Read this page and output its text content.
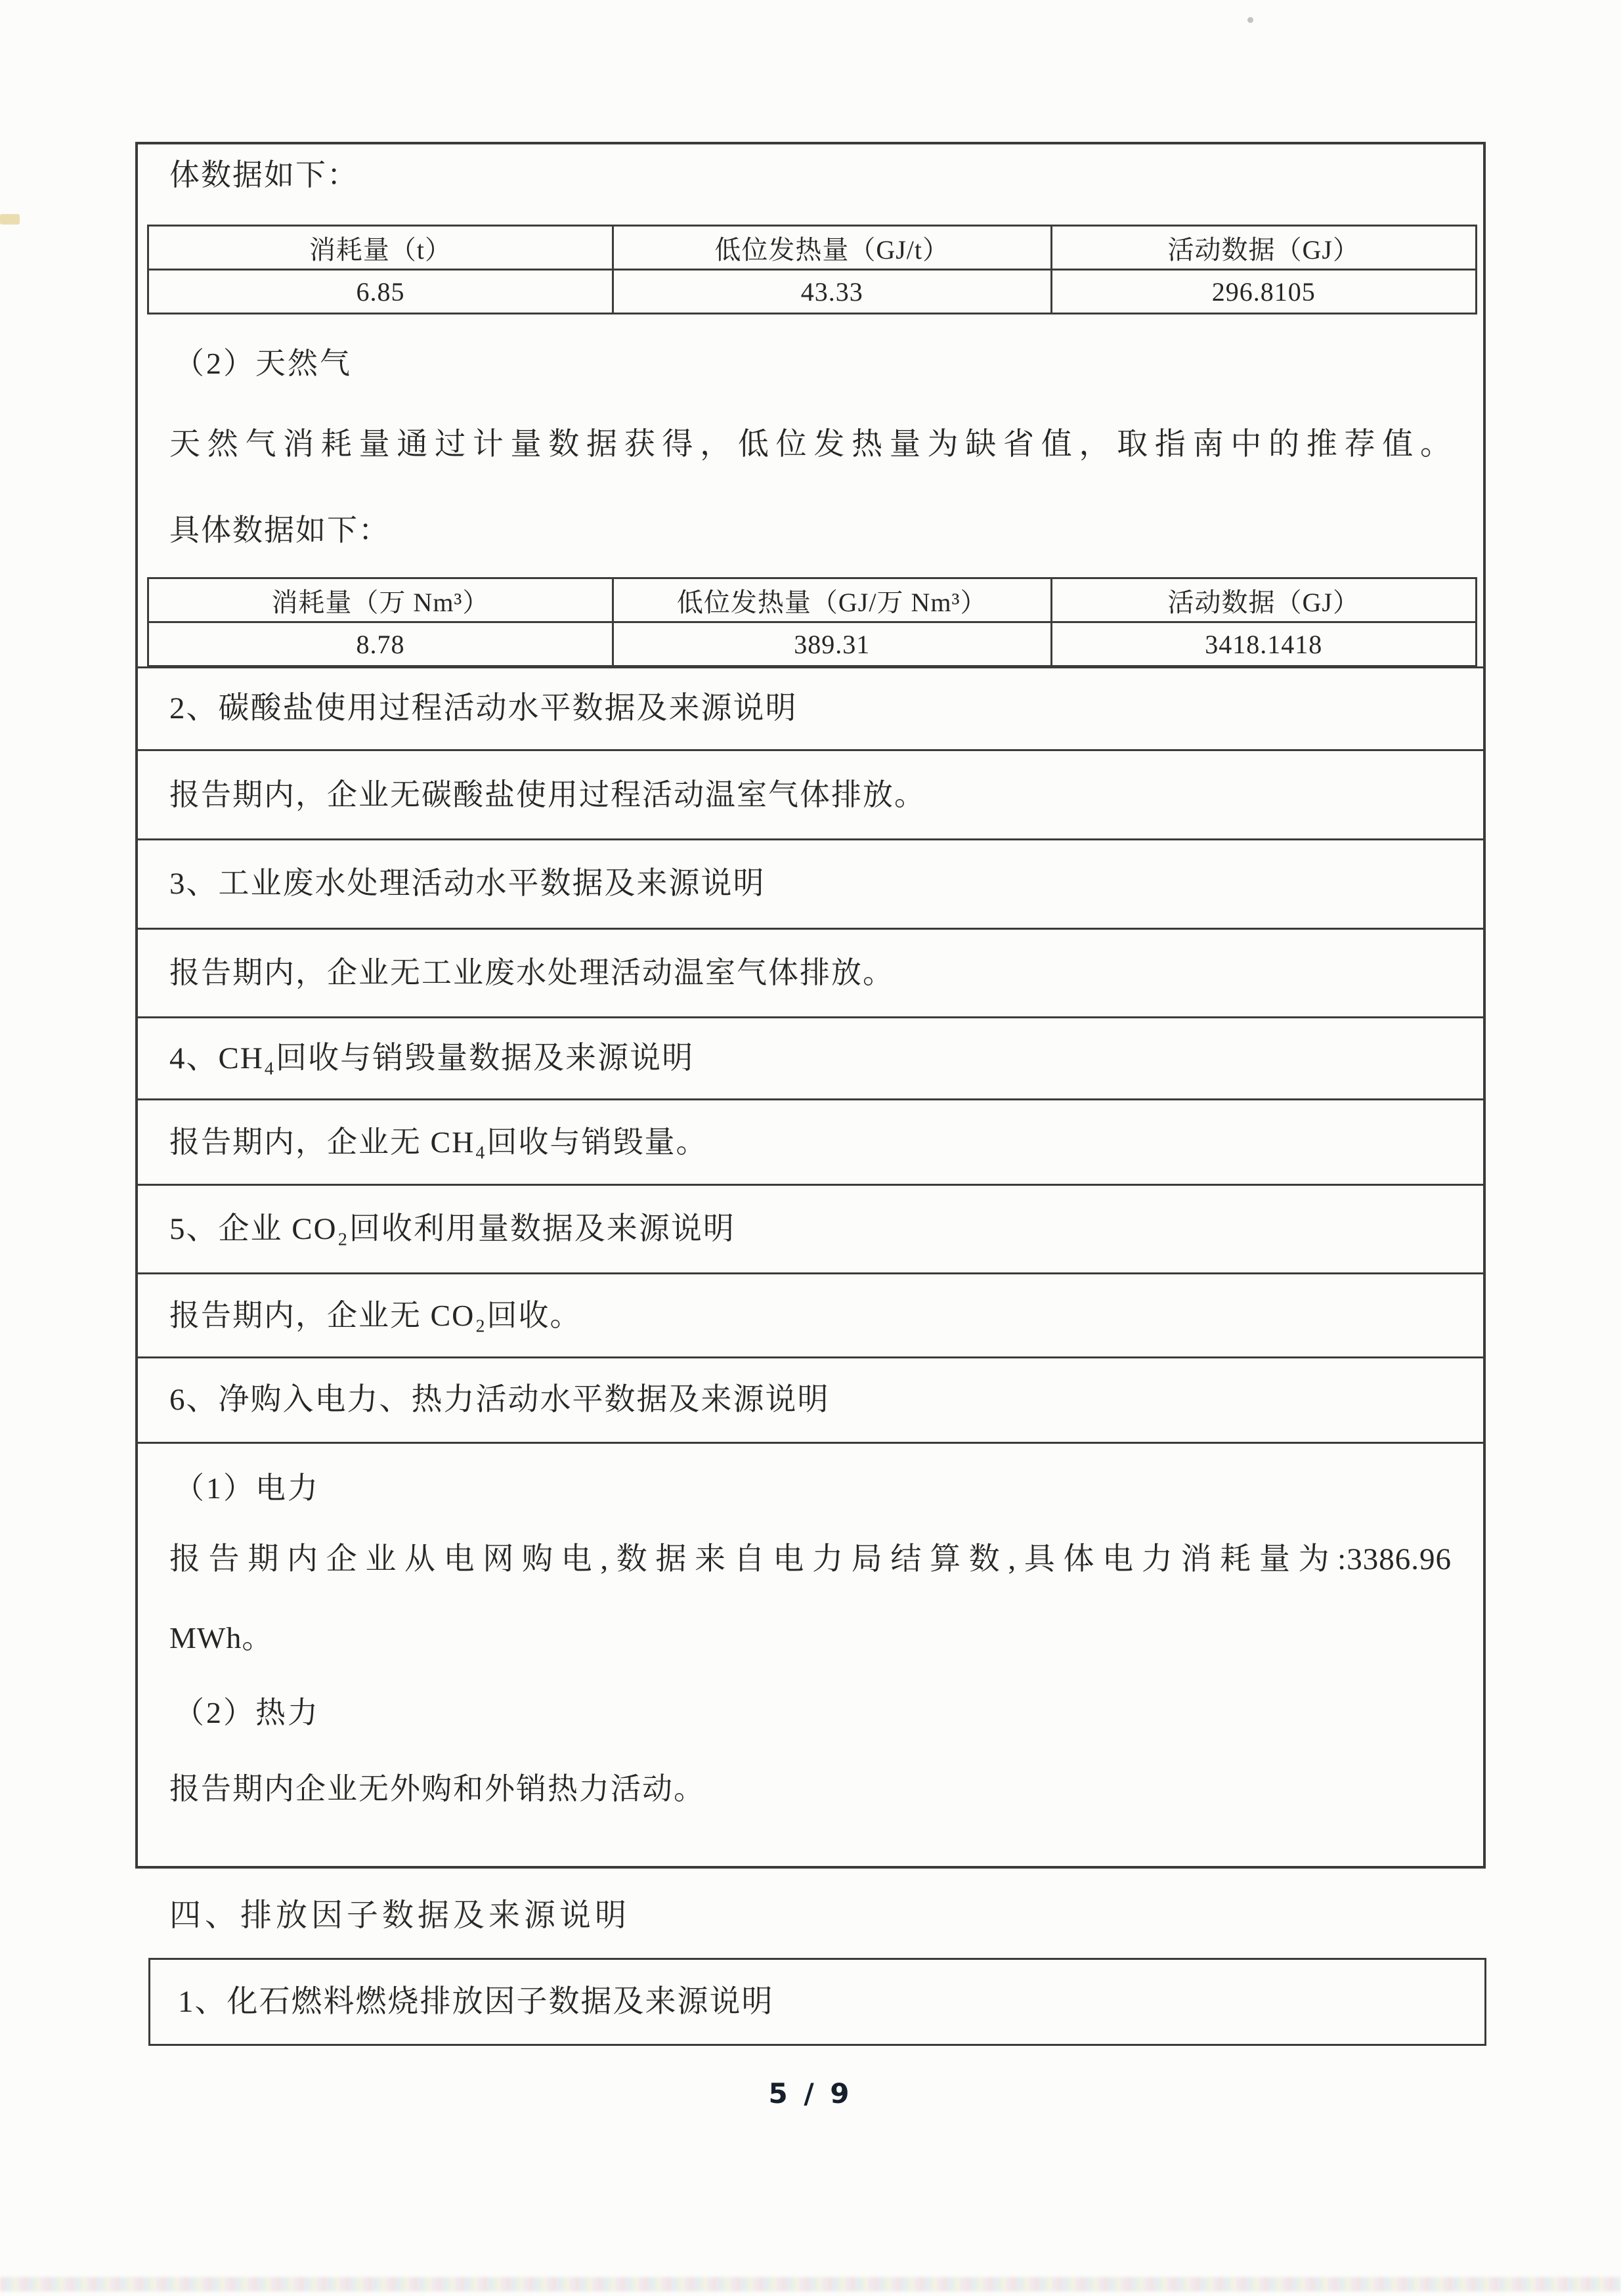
体数据如下：

消耗量（t）	低位发热量（GJ/t）	活动数据（GJ）
6.85	43.33	296.8105

（2）天然气

天然气消耗量通过计量数据获得，低位发热量为缺省值，取指南中的推荐值。

具体数据如下：

消耗量（万 Nm³）	低位发热量（GJ/万 Nm³）	活动数据（GJ）
8.78	389.31	3418.1418
2、碳酸盐使用过程活动水平数据及来源说明
报告期内，企业无碳酸盐使用过程活动温室气体排放。
3、工业废水处理活动水平数据及来源说明
报告期内，企业无工业废水处理活动温室气体排放。
4、CH₄回收与销毁量数据及来源说明
报告期内，企业无 CH₄回收与销毁量。
5、企业 CO₂回收利用量数据及来源说明
报告期内，企业无 CO₂回收。
6、净购入电力、热力活动水平数据及来源说明

（1）电力

报告期内企业从电网购电,数据来自电力局结算数,具体电力消耗量为:3386.96

MWh。

（2）热力

报告期内企业无外购和外销热力活动。

四、排放因子数据及来源说明
1、化石燃料燃烧排放因子数据及来源说明
5 / 9
